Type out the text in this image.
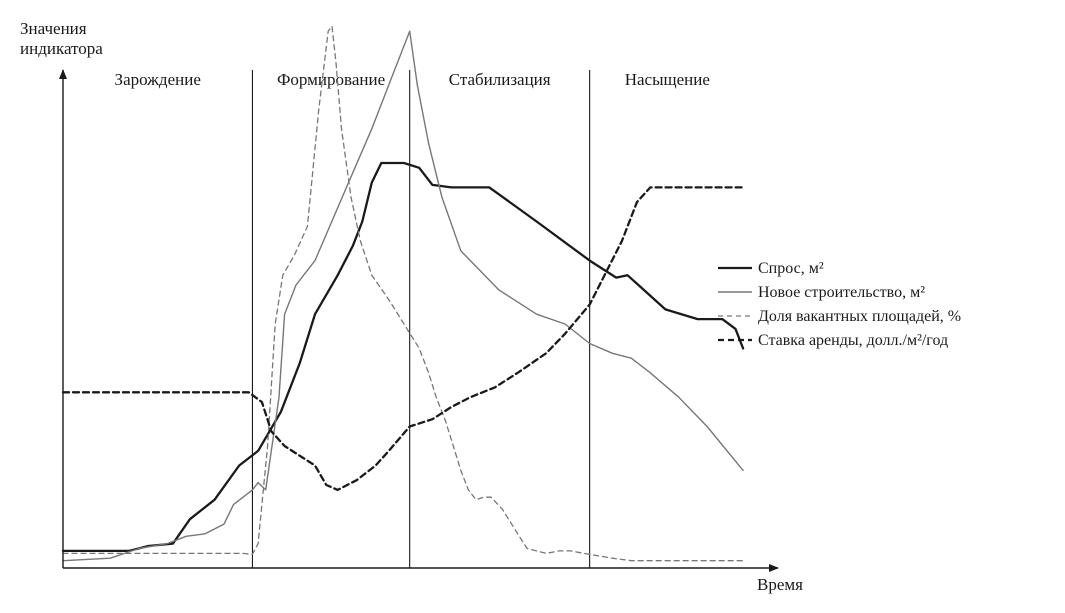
Зарождение	Формирование	Стабилизация	Насыщение
Спрос, м²
Новое строительство, м²
Доля вакантных площадей, %
Ставка аренды, долл./м²/год
Значения
индикатора
Время
